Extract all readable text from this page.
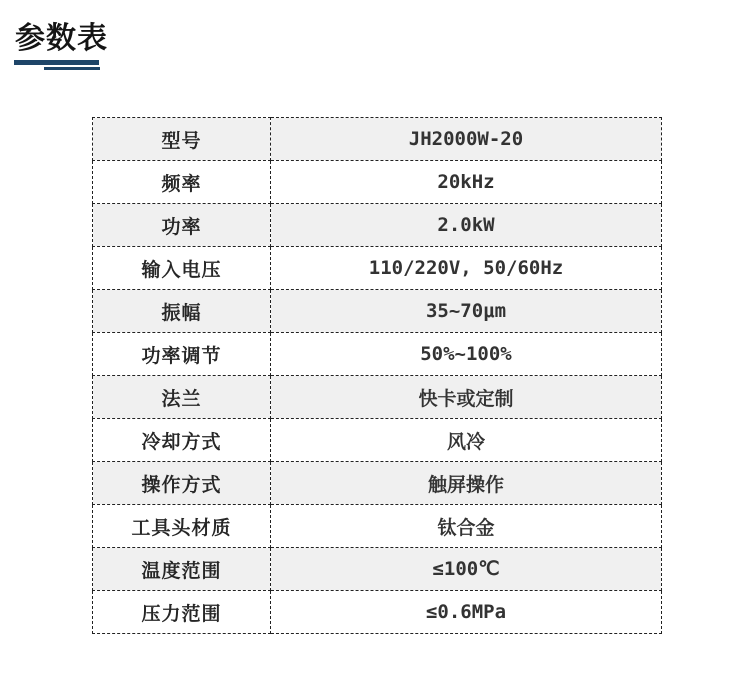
参数表
型号	JH2000W-20
频率	20kHz
功率	2.0kW
输入电压	110/220V, 50/60Hz
振幅	35~70μm
功率调节	50%~100%
法兰	快卡或定制
冷却方式	风冷
操作方式	触屏操作
工具头材质	钛合金
温度范围	≤100℃
压力范围	≤0.6MPa
